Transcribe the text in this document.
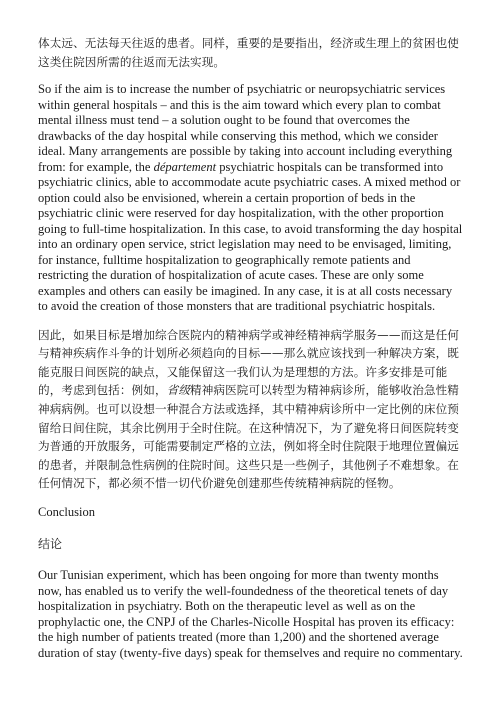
体太远、无法每天往返的患者。同样，重要的是要指出，经济或生理上的贫困也使这类住院因所需的往返而无法实现。

So if the aim is to increase the number of psychiatric or neuropsychiatric services within general hospitals – and this is the aim toward which every plan to combat mental illness must tend – a solution ought to be found that overcomes the drawbacks of the day hospital while conserving this method, which we consider ideal. Many arrangements are possible by taking into account including everything from: for example, the département psychiatric hospitals can be transformed into psychiatric clinics, able to accommodate acute psychiatric cases. A mixed method or option could also be envisioned, wherein a certain proportion of beds in the psychiatric clinic were reserved for day hospitalization, with the other proportion going to full-time hospitalization. In this case, to avoid transforming the day hospital into an ordinary open service, strict legislation may need to be envisaged, limiting, for instance, fulltime hospitalization to geographically remote patients and restricting the duration of hospitalization of acute cases. These are only some examples and others can easily be imagined. In any case, it is at all costs necessary to avoid the creation of those monsters that are traditional psychiatric hospitals.

因此，如果目标是增加综合医院内的精神病学或神经精神病学服务——而这是任何与精神疾病作斗争的计划所必须趋向的目标——那么就应该找到一种解决方案，既能克服日间医院的缺点，又能保留这一我们认为是理想的方法。许多安排是可能的，考虑到包括：例如，省级精神病医院可以转型为精神病诊所，能够收治急性精神病病例。也可以设想一种混合方法或选择，其中精神病诊所中一定比例的床位预留给日间住院，其余比例用于全时住院。在这种情况下，为了避免将日间医院转变为普通的开放服务，可能需要制定严格的立法，例如将全时住院限于地理位置偏远的患者，并限制急性病例的住院时间。这些只是一些例子，其他例子不难想象。在任何情况下，都必须不惜一切代价避免创建那些传统精神病院的怪物。

Conclusion

结论

Our Tunisian experiment, which has been ongoing for more than twenty months now, has enabled us to verify the well-foundedness of the theoretical tenets of day hospitalization in psychiatry. Both on the therapeutic level as well as on the prophylactic one, the CNPJ of the Charles-Nicolle Hospital has proven its efficacy: the high number of patients treated (more than 1,200) and the shortened average duration of stay (twenty-five days) speak for themselves and require no commentary.
